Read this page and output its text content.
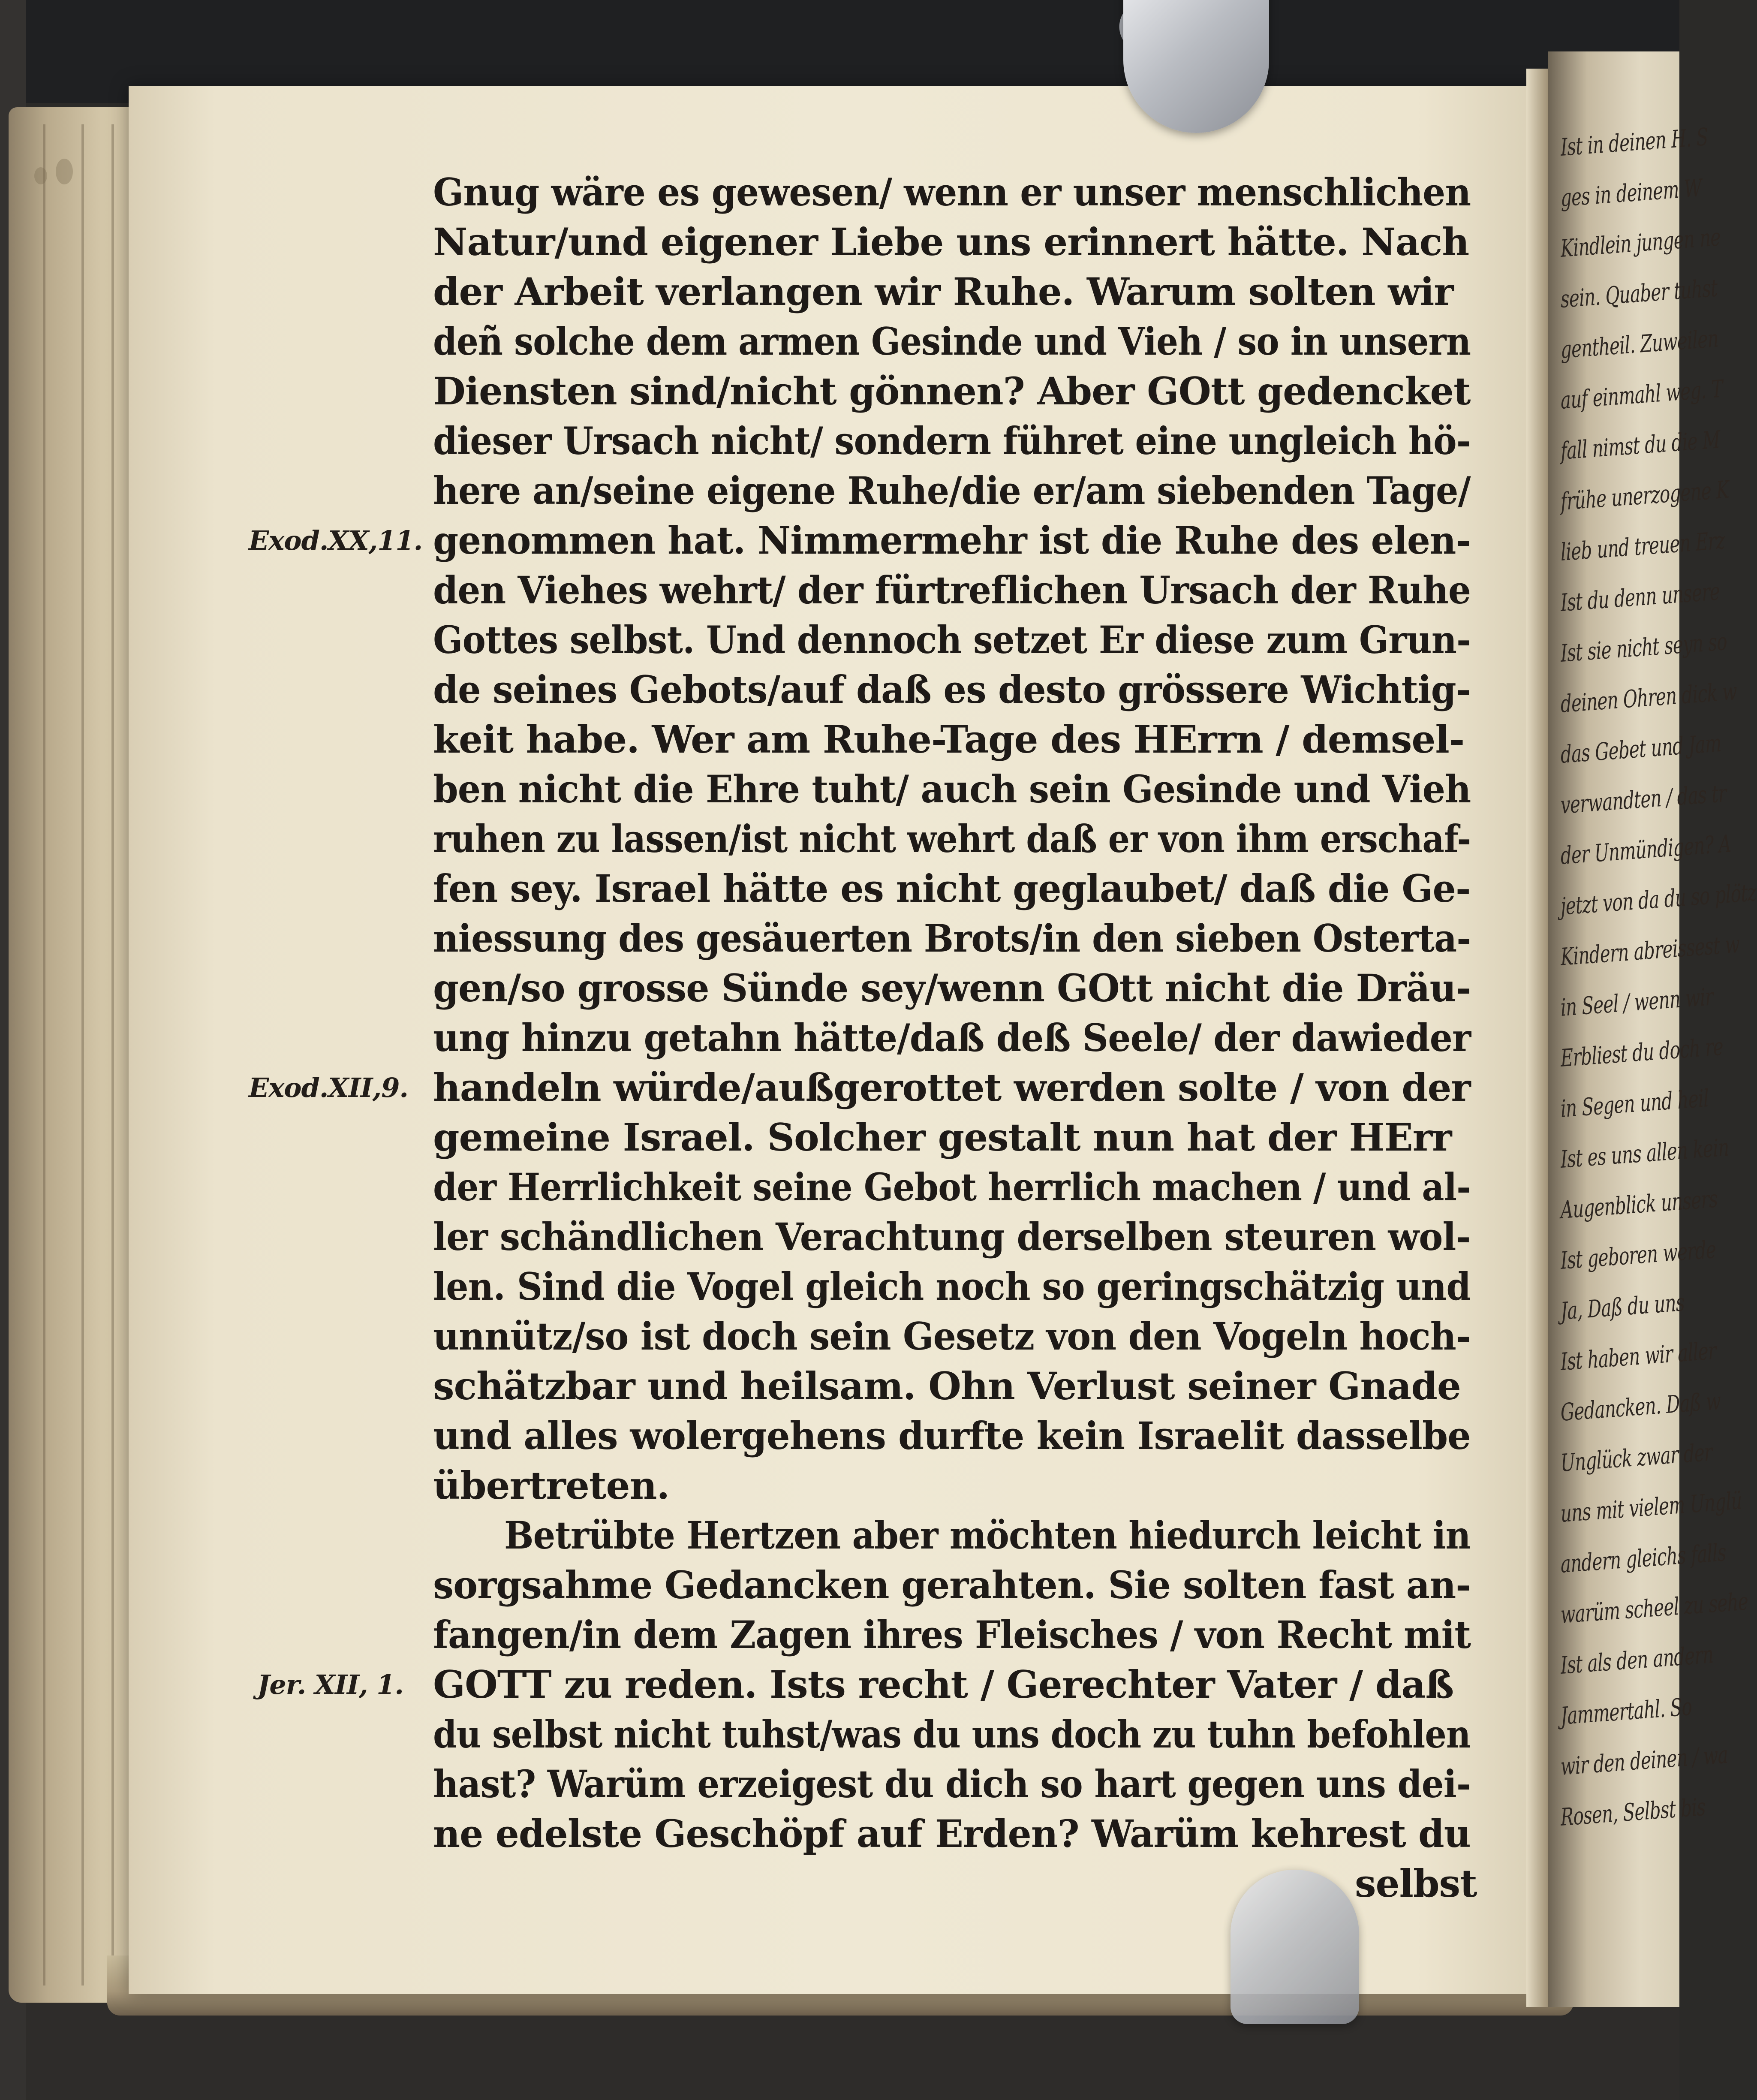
Ist in deinen H. S
ges in deinem W
Kindlein jungen ne
sein. Quaber tuhst
gentheil. Zuweilen
auf einmahl weg. T
fall nimst du die M
frühe unerzogene K
lieb und treuen Erz
Ist du denn unsere
Ist sie nicht seyn so
deinen Ohren dick w
das Gebet und Jam
verwandten / das tr
der Unmündigen? A
jetzt von da du so plötz
Kindern abreissest w
in Seel / wenn wir
Erbliest du doch re
in Segen und heil
Ist es uns allen kein
Augenblick unsers
Ist geboren werde
Ja, Daß du uns
Ist haben wir aller
Gedancken. Daß w
Unglück zwar der
uns mit vielem Unglü
andern gleichs falls
warüm scheel zu sehe
Ist als den andern
Jammertahl. So
wir den deinen / wa
Rosen, Selbst bis
Gnug wäre es gewesen/ wenn er unser menschlichen
Natur/und eigener Liebe uns erinnert hätte. Nach
der Arbeit verlangen wir Ruhe. Warum solten wir
deñ solche dem armen Gesinde und Vieh / so in unsern
Diensten sind/nicht gönnen? Aber GOtt gedencket
dieser Ursach nicht/ sondern führet eine ungleich hö-
here an/seine eigene Ruhe/die er/am siebenden Tage/
genommen hat. Nimmermehr ist die Ruhe des elen-
den Viehes wehrt/ der fürtreflichen Ursach der Ruhe
Gottes selbst. Und dennoch setzet Er diese zum Grun-
de seines Gebots/auf daß es desto grössere Wichtig-
keit habe. Wer am Ruhe-Tage des HErrn / demsel-
ben nicht die Ehre tuht/ auch sein Gesinde und Vieh
ruhen zu lassen/ist nicht wehrt daß er von ihm erschaf-
fen sey. Israel hätte es nicht geglaubet/ daß die Ge-
niessung des gesäuerten Brots/in den sieben Osterta-
gen/so grosse Sünde sey/wenn GOtt nicht die Dräu-
ung hinzu getahn hätte/daß deß Seele/ der dawieder
handeln würde/außgerottet werden solte / von der
gemeine Israel. Solcher gestalt nun hat der HErr
der Herrlichkeit seine Gebot herrlich machen / und al-
ler schändlichen Verachtung derselben steuren wol-
len. Sind die Vogel gleich noch so geringschätzig und
unnütz/so ist doch sein Gesetz von den Vogeln hoch-
schätzbar und heilsam. Ohn Verlust seiner Gnade
und alles wolergehens durfte kein Israelit dasselbe
übertreten.
Betrübte Hertzen aber möchten hiedurch leicht in
sorgsahme Gedancken gerahten. Sie solten fast an-
fangen/in dem Zagen ihres Fleisches / von Recht mit
GOTT zu reden. Ists recht / Gerechter Vater / daß
du selbst nicht tuhst/was du uns doch zu tuhn befohlen
hast? Warüm erzeigest du dich so hart gegen uns dei-
ne edelste Geschöpf auf Erden? Warüm kehrest du
selbst
Exod.XX,11.
Exod.XII,9.
Jer. XII, 1.
